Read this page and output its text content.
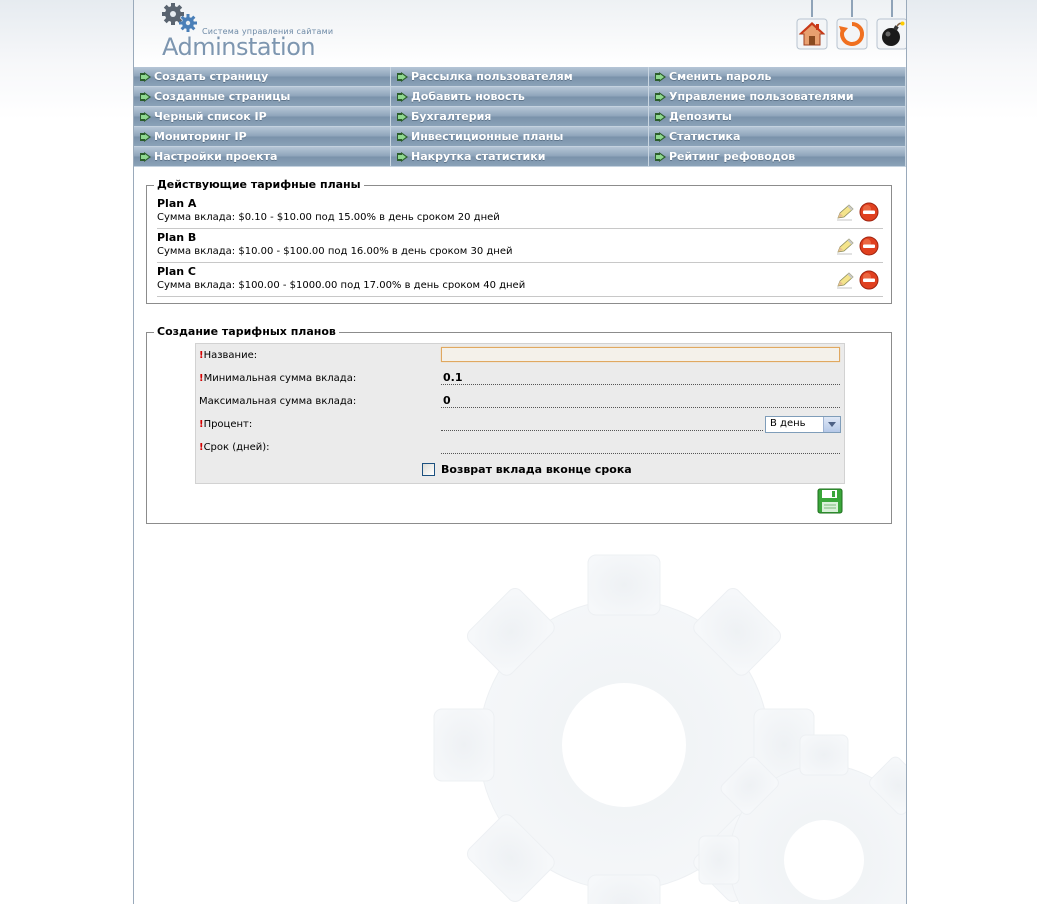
Система управления сайтами
Adminstation
Создать страницу	Рассылка пользователям	Сменить пароль
Созданные страницы	Добавить новость	Управление пользователями
Черный список IP	Бухгалтерия	Депозиты
Мониторинг IP	Инвестиционные планы	Статистика
Настройки проекта	Накрутка статистики	Рейтинг рефоводов
Действующие тарифные планы
Plan A
Сумма вклада: $0.10 - $10.00 под 15.00% в день сроком 20 дней
Plan B
Сумма вклада: $10.00 - $100.00 под 16.00% в день сроком 30 дней
Plan C
Сумма вклада: $100.00 - $1000.00 под 17.00% в день сроком 40 дней
Создание тарифных планов
!Название:
!Минимальная сумма вклада:
0.1
Максимальная сумма вклада:
0
!Процент:	В день
!Срок (дней):
Возврат вклада вконце срока
